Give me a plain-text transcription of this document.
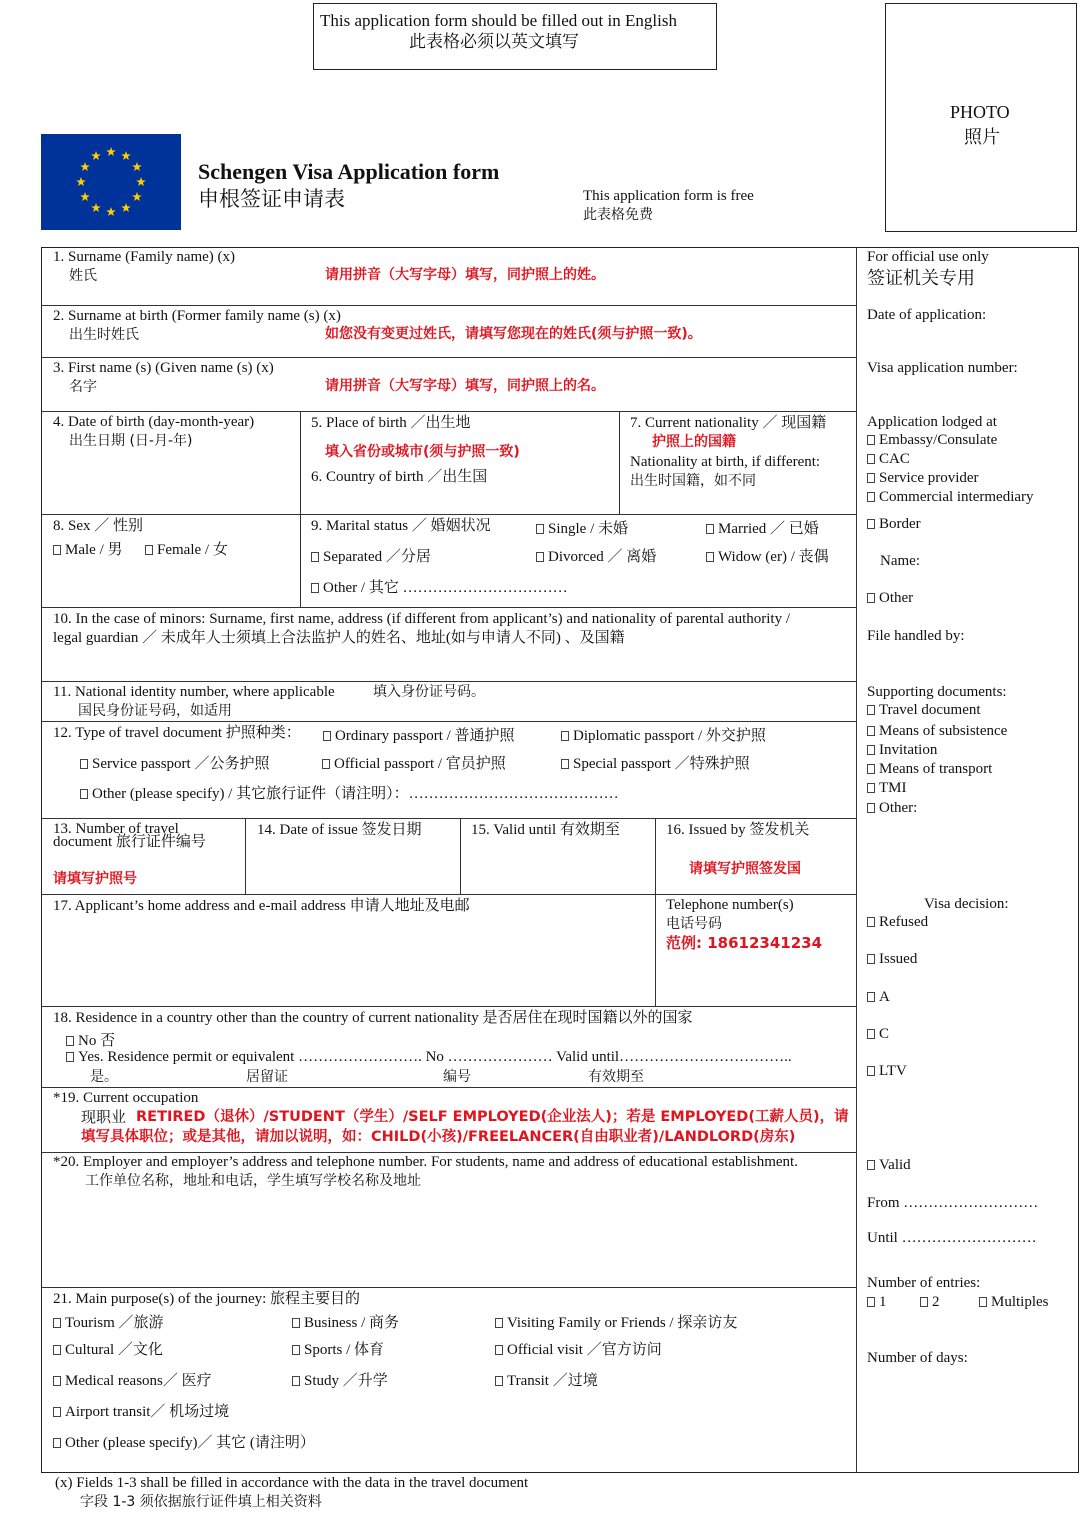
This application form should be filled out in English
此表格必须以英文填写
PHOTO
照片
Schengen Visa Application form
申根签证申请表	This application form is free
此表格免费
1. Surname (Family name) (x)
姓氏	请用拼音（大写字母）填写，同护照上的姓。
2. Surname at birth (Former family name (s) (x)
出生时姓氏	如您没有变更过姓氏，请填写您现在的姓氏(须与护照一致)。
3. First name (s) (Given name (s) (x)
名字	请用拼音（大写字母）填写，同护照上的名。
4. Date of birth (day-month-year)
出生日期 (日-月-年)
5. Place of birth ／出生地
填入省份或城市(须与护照一致)
6. Country of birth ／出生国
7. Current nationality ／ 现国籍
护照上的国籍
Nationality at birth, if different:
出生时国籍，如不同
8. Sex ／ 性别
Male / 男	Female / 女
9. Marital status ／ 婚姻状况	Single / 未婚	Married ／ 已婚
Separated ／分居	Divorced ／ 离婚	Widow (er) / 丧偶
Other / 其它 ……………………………
10. In the case of minors: Surname, first name, address (if different from applicant’s) and nationality of parental authority /
legal guardian ／ 未成年人士须填上合法监护人的姓名、地址(如与申请人不同) 、及国籍
11. National identity number, where applicable	填入身份证号码。
国民身份证号码，如适用
12. Type of travel document 护照种类：	Ordinary passport / 普通护照	Diplomatic passport / 外交护照
Service passport ／公务护照	Official passport / 官员护照	Special passport ／特殊护照
Other (please specify) / 其它旅行证件（请注明）：……………………………………
13. Number of travel
document 旅行证件编号
请填写护照号
14. Date of issue 签发日期	15. Valid until 有效期至	16. Issued by 签发机关
请填写护照签发国
17. Applicant’s home address and e-mail address 申请人地址及电邮	Telephone number(s)
电话号码
范例: 18612341234
18. Residence in a country other than the country of current nationality 是否居住在现时国籍以外的国家
No 否
Yes. Residence permit or equivalent ……………………. No ………………… Valid until……………………………..
是。	居留证	编号	有效期至
*19. Current occupation
现职业 RETIRED（退休）/STUDENT（学生）/SELF EMPLOYED(企业法人)；若是 EMPLOYED(工薪人员)，请
填写具体职位；或是其他，请加以说明，如：CHILD(小孩)/FREELANCER(自由职业者)/LANDLORD(房东)
*20. Employer and employer’s address and telephone number. For students, name and address of educational establishment.
工作单位名称，地址和电话，学生填写学校名称及地址
21. Main purpose(s) of the journey: 旅程主要目的
Tourism ／旅游	Business / 商务	Visiting Family or Friends / 探亲访友
Cultural ／文化	Sports / 体育	Official visit ／官方访问
Medical reasons／ 医疗	Study ／升学	Transit ／过境
Airport transit／ 机场过境
Other (please specify)／ 其它 (请注明）
(x) Fields 1-3 shall be filled in accordance with the data in the travel document
字段 1-3 须依据旅行证件填上相关资料
For official use only
签证机关专用
Date of application:
Visa application number:
Application lodged at
Embassy/Consulate
CAC
Service provider
Commercial intermediary
Border
Name:
Other
File handled by:
Supporting documents:
Travel document
Means of subsistence
Invitation
Means of transport
TMI
Other:
Visa decision:
Refused
Issued
A
C
LTV
Valid
From ………………………
Until ………………………
Number of entries:
1	2	Multiples
Number of days:
